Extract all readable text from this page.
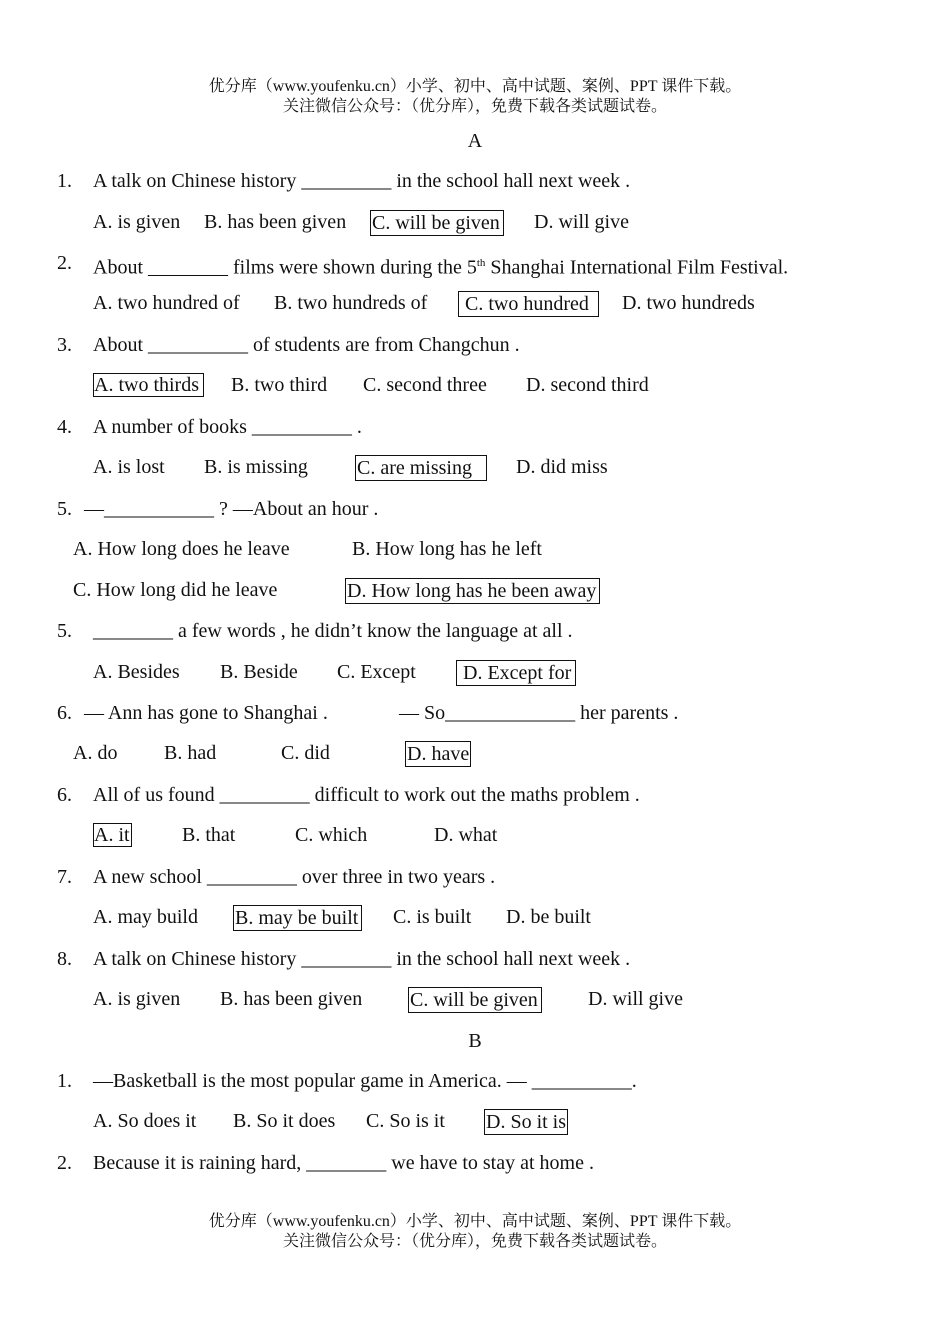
优分库（www.youfenku.cn）小学、初中、高中试题、案例、PPT 课件下载。
关注微信公众号：（优分库），免费下载各类试题试卷。
A
1. A talk on Chinese history _________ in the school hall next week .
A. is given B. has been given C. will be given D. will give
2. About ________ films were shown during the 5th Shanghai International Film Festival.
A. two hundred of B. two hundreds of	C. two hundred	D. two hundreds
3. About __________ of students are from Changchun .
A. two thirds B. two third C. second three D. second third
4. A number of books __________ .
A. is lost B. is missing C. are missing	D. did miss
5. —___________ ? —About an hour .
A. How long does he leave	B. How long has he left
C. How long did he leave	D. How long has he been away
5. ________ a few words , he didn’t know the language at all .
A. Besides B. Beside C. Except	D. Except for
6. — Ann has gone to Shanghai .	— So_____________ her parents .
A. do B. had	C. did	D. have
6. All of us found _________ difficult to work out the maths problem .
A. it	B. that	C. which	D. what
7. A new school _________ over three in two years .
A. may build B. may be built C. is built D. be built
8. A talk on Chinese history _________ in the school hall next week .
A. is given B. has been given C. will be given	D. will give
B
1. —Basketball is the most popular game in America. — __________.
A. So does it B. So it does C. So is it D. So it is
2. Because it is raining hard, ________ we have to stay at home .
优分库（www.youfenku.cn）小学、初中、高中试题、案例、PPT 课件下载。
关注微信公众号：（优分库），免费下载各类试题试卷。
